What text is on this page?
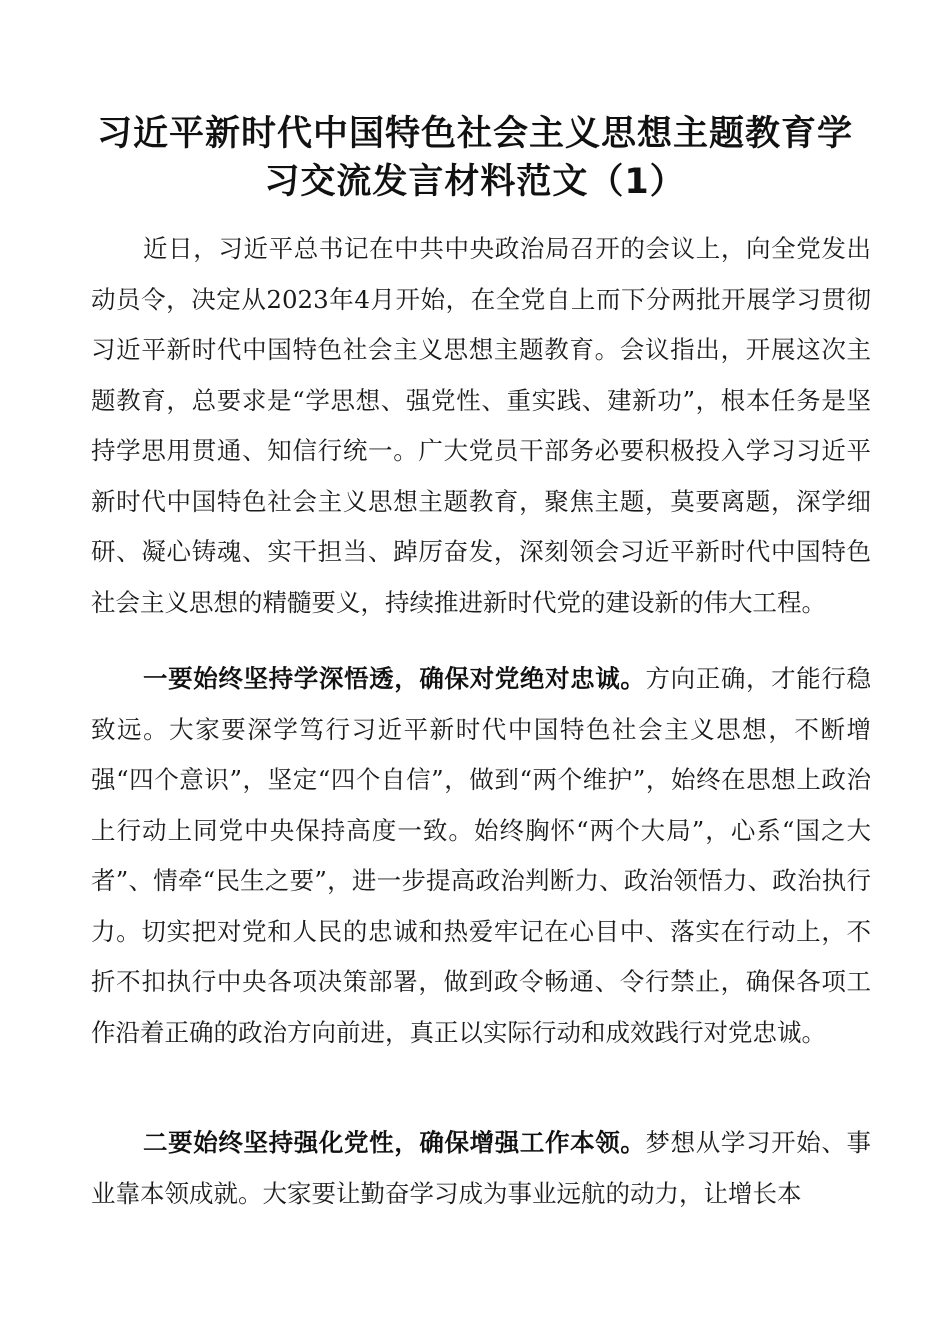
习近平新时代中国特色社会主义思想主题教育学
习交流发言材料范文（1）

近日，习近平总书记在中共中央政治局召开的会议上，向全党发出动员令，决定从2023年4月开始，在全党自上而下分两批开展学习贯彻习近平新时代中国特色社会主义思想主题教育。会议指出，开展这次主题教育，总要求是“学思想、强党性、重实践、建新功”，根本任务是坚持学思用贯通、知信行统一。广大党员干部务必要积极投入学习习近平新时代中国特色社会主义思想主题教育，聚焦主题，莫要离题，深学细研、凝心铸魂、实干担当、踔厉奋发，深刻领会习近平新时代中国特色社会主义思想的精髓要义，持续推进新时代党的建设新的伟大工程。

一要始终坚持学深悟透，确保对党绝对忠诚。方向正确，才能行稳致远。大家要深学笃行习近平新时代中国特色社会主义思想，不断增强“四个意识”，坚定“四个自信”，做到“两个维护”，始终在思想上政治上行动上同党中央保持高度一致。始终胸怀“两个大局”，心系“国之大者”、情牵“民生之要”，进一步提高政治判断力、政治领悟力、政治执行力。切实把对党和人民的忠诚和热爱牢记在心目中、落实在行动上，不折不扣执行中央各项决策部署，做到政令畅通、令行禁止，确保各项工作沿着正确的政治方向前进，真正以实际行动和成效践行对党忠诚。

二要始终坚持强化党性，确保增强工作本领。梦想从学习开始、事业靠本领成就。大家要让勤奋学习成为事业远航的动力，让增长本
